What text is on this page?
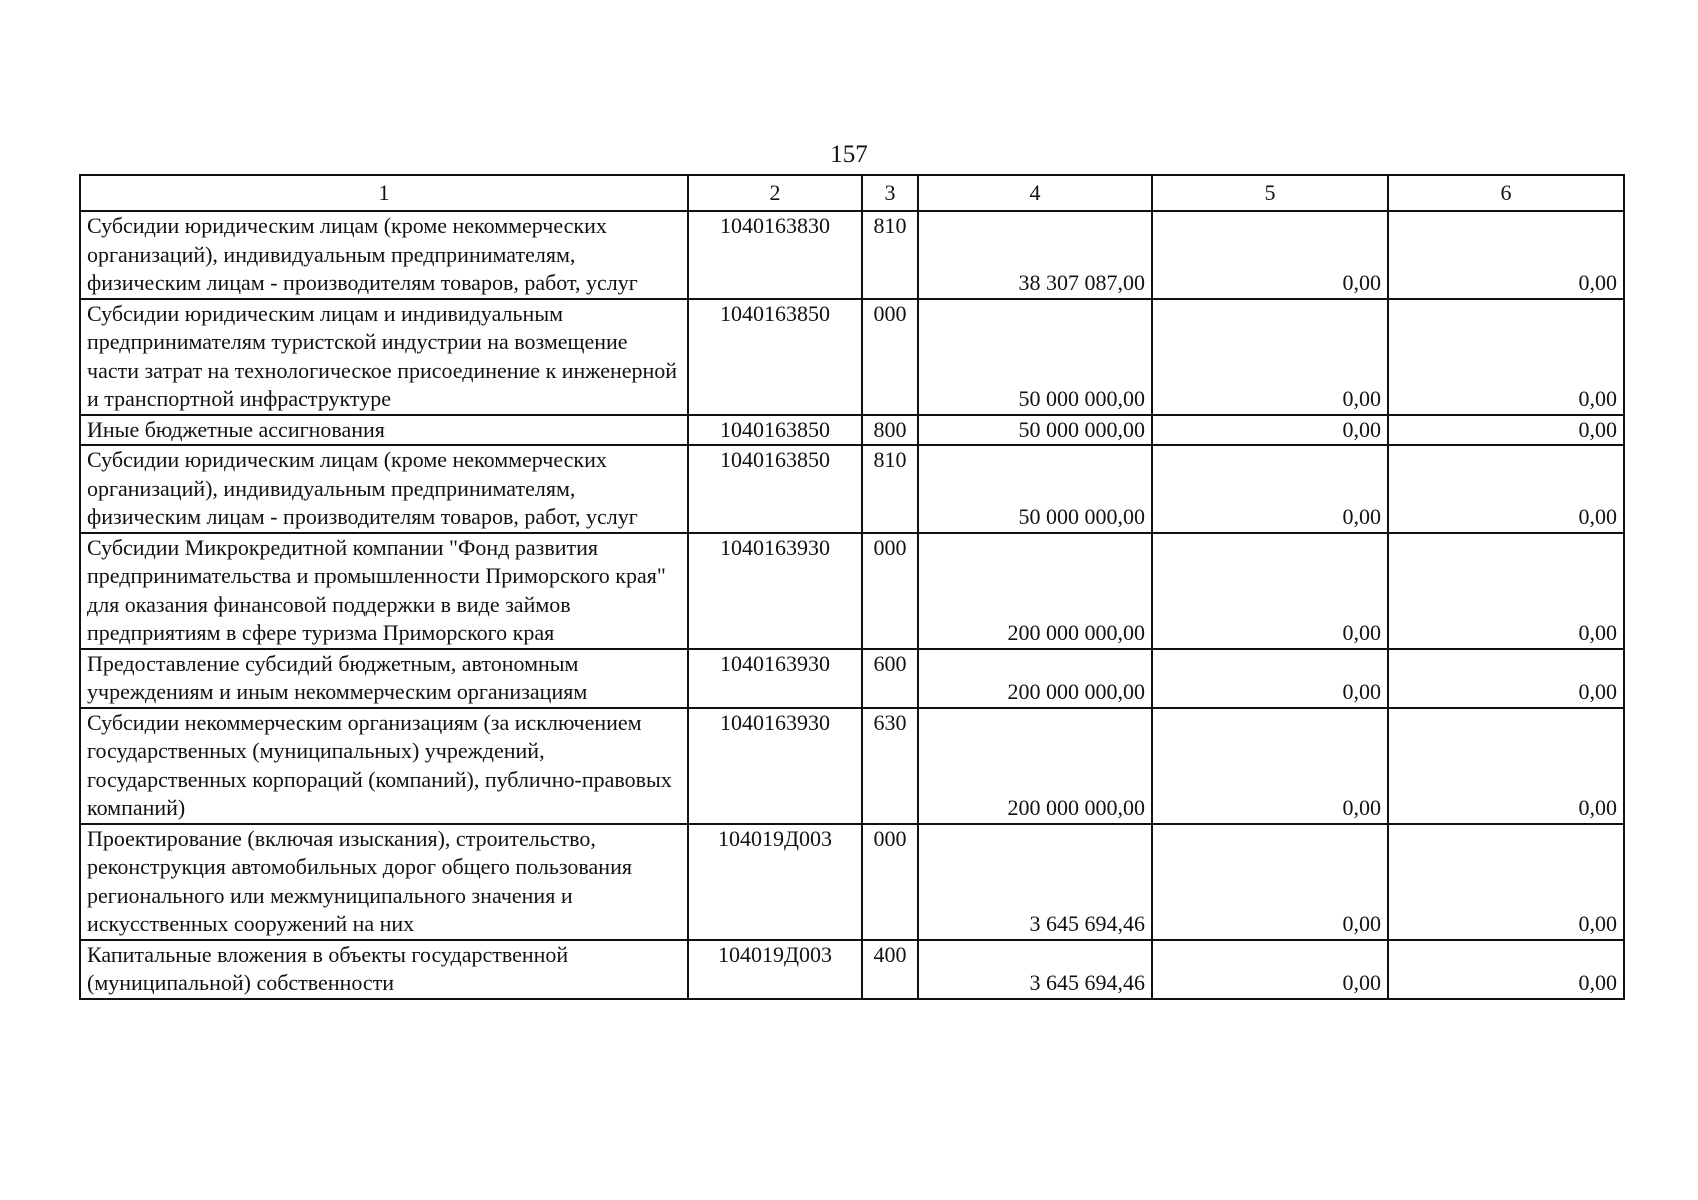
157
1	2	3	4	5	6
Субсидии юридическим лицам (кроме некоммерческих организаций), индивидуальным предпринимателям, физическим лицам - производителям товаров, работ, услуг	1040163830	810	38 307 087,00	0,00	0,00
Субсидии юридическим лицам и индивидуальным предпринимателям туристской индустрии на возмещение части затрат на технологическое присоединение к инженерной и транспортной инфраструктуре	1040163850	000	50 000 000,00	0,00	0,00
Иные бюджетные ассигнования	1040163850	800	50 000 000,00	0,00	0,00
Субсидии юридическим лицам (кроме некоммерческих организаций), индивидуальным предпринимателям, физическим лицам - производителям товаров, работ, услуг	1040163850	810	50 000 000,00	0,00	0,00
Субсидии Микрокредитной компании "Фонд развития предпринимательства и промышленности Приморского края" для оказания финансовой поддержки в виде займов предприятиям в сфере туризма Приморского края	1040163930	000	200 000 000,00	0,00	0,00
Предоставление субсидий бюджетным, автономным учреждениям и иным некоммерческим организациям	1040163930	600	200 000 000,00	0,00	0,00
Субсидии некоммерческим организациям (за исключением государственных (муниципальных) учреждений, государственных корпораций (компаний), публично-правовых компаний)	1040163930	630	200 000 000,00	0,00	0,00
Проектирование (включая изыскания), строительство, реконструкция автомобильных дорог общего пользования регионального или межмуниципального значения и искусственных сооружений на них	104019Д003	000	3 645 694,46	0,00	0,00
Капитальные вложения в объекты государственной (муниципальной) собственности	104019Д003	400	3 645 694,46	0,00	0,00
